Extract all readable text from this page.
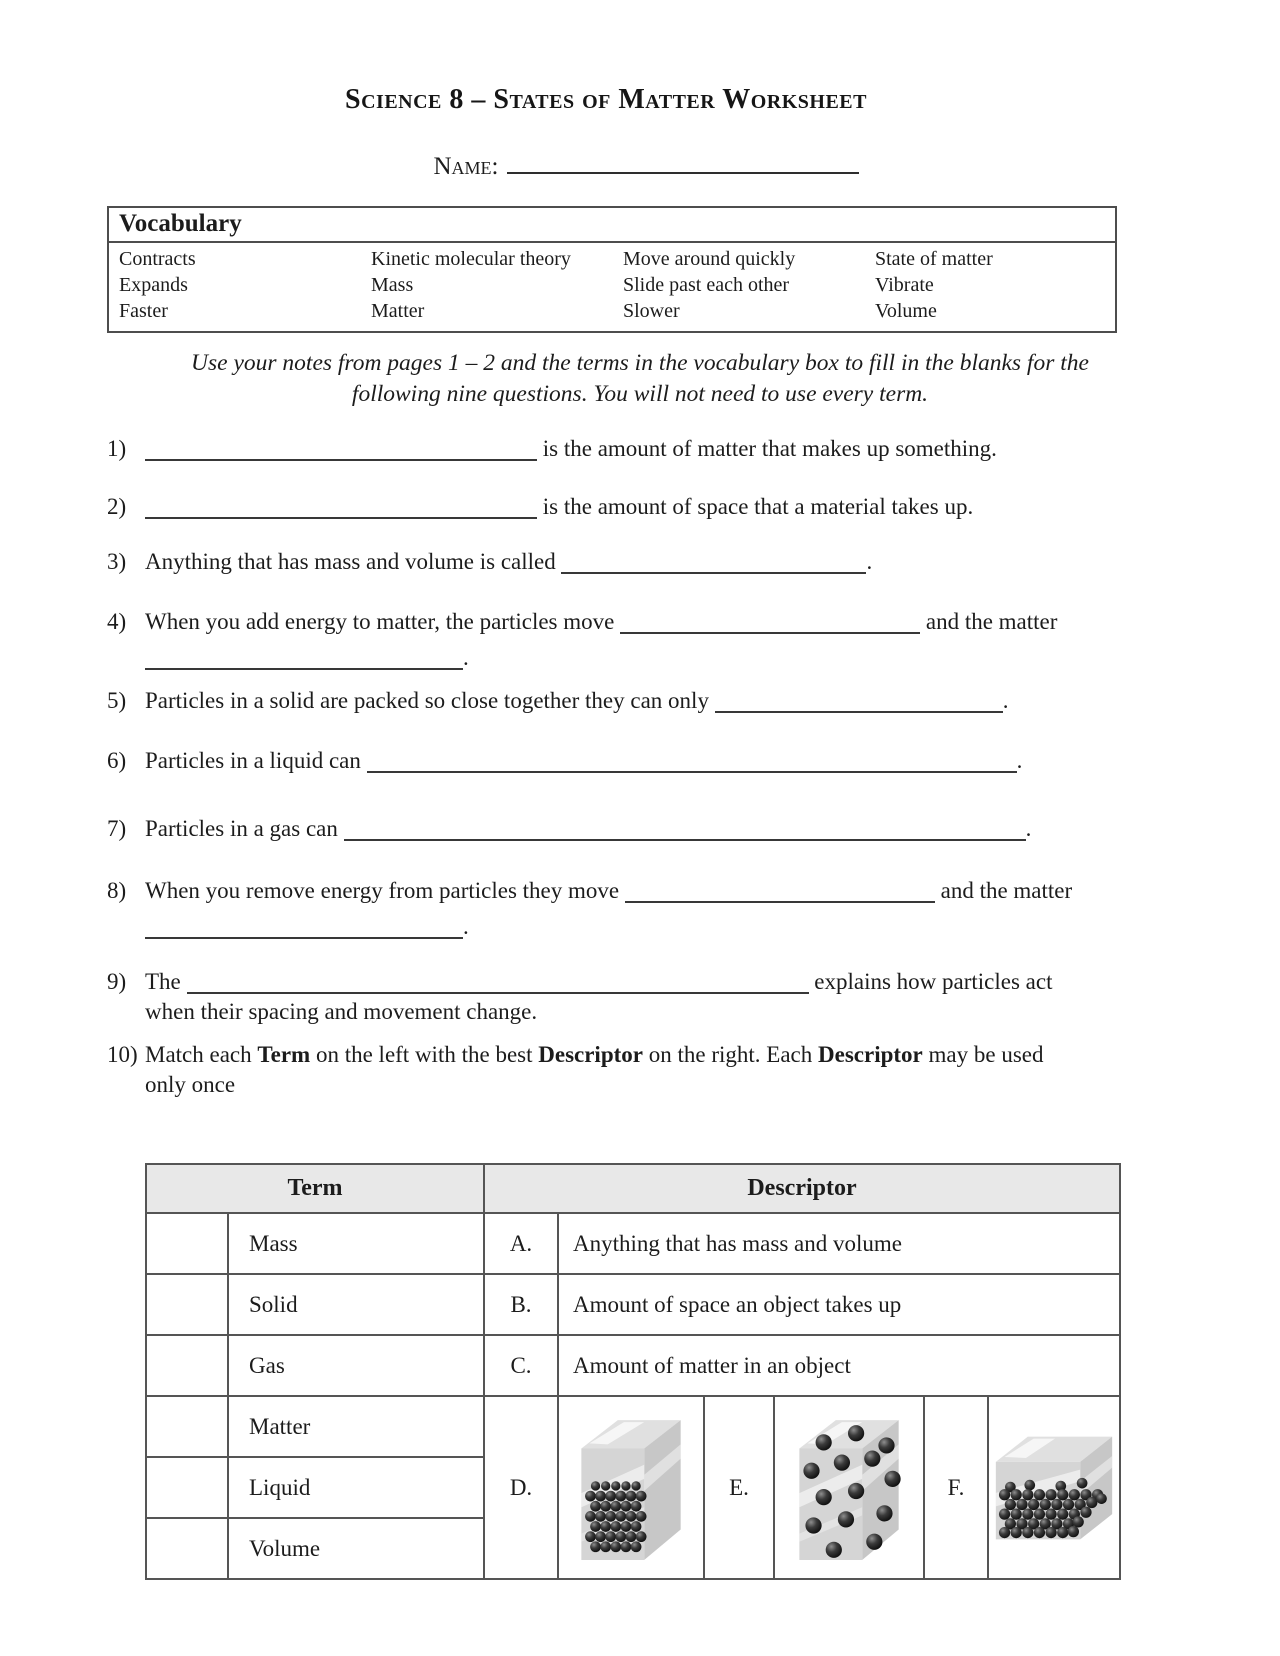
Science 8 – States of Matter Worksheet
Name:
Vocabulary
Contracts	Kinetic molecular theory	Move around quickly	State of matter
Expands	Mass	Slide past each other	Vibrate
Faster	Matter	Slower	Volume
Use your notes from pages 1 – 2 and the terms in the vocabulary box to fill in the blanks for the
following nine questions. You will not need to use every term.
1)	is the amount of matter that makes up something.
2)	is the amount of space that a material takes up.
3) Anything that has mass and volume is called	.
4) When you add energy to matter, the particles move	and the matter
.
5) Particles in a solid are packed so close together they can only	.
6) Particles in a liquid can	.
7) Particles in a gas can	.
8) When you remove energy from particles they move	and the matter
.
9) The	explains how particles act
when their spacing and movement change.
10) Match each Term on the left with the best Descriptor on the right. Each Descriptor may be used
only once
Term		Descriptor					
	Mass	A.	Anything that has mass and volume				
	Solid	B.	Amount of space an object takes up				
	Gas	C.	Amount of matter in an object				
	Matter	D.		E.		F.	
	Liquid						
	Volume						
